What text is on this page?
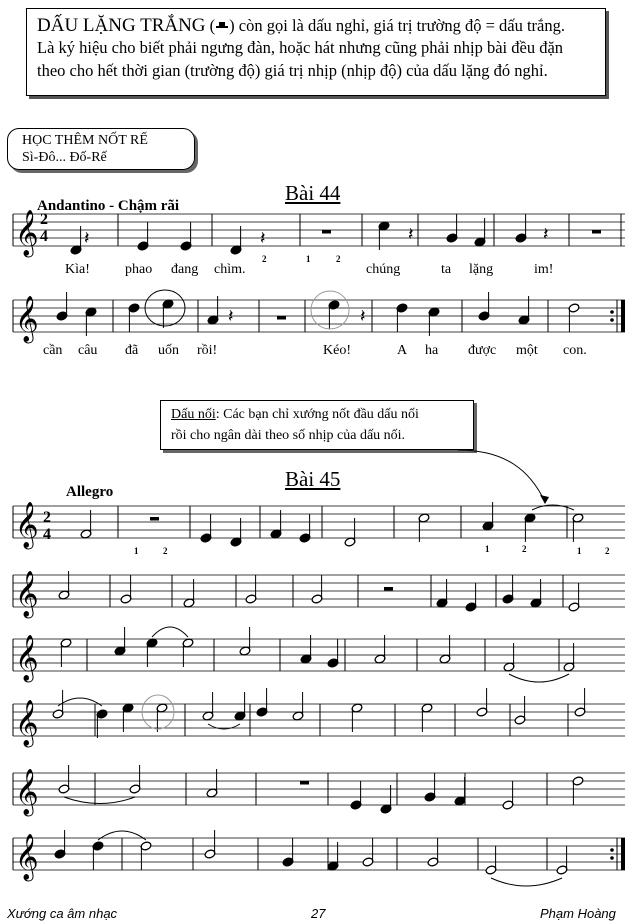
DẤU LẶNG TRẮNG ( ) còn gọi là dấu nghỉ, giá trị trường độ = dấu trắng.
Là ký hiệu cho biết phải ngưng đàn, hoặc hát nhưng cũng phải nhịp bài đều đặn
theo cho hết thời gian (trường độ) giá trị nhịp (nhịp độ) của dấu lặng đó nghỉ.
HỌC THÊM NỐT RẾ
Sì-Đô... Đố-Rế
Bài 44
Andantino - Chậm rãi
Kìa!	phao đang chìm.	chúng	ta lặng	im!
cần câu đã uốn rồi!	Kéo!	A ha được một con.
Dấu nối: Các bạn chỉ xướng nốt đầu dấu nối
rồi cho ngân dài theo số nhịp của dấu nối.
Bài 45
Allegro
𝄞
𝄞
𝄞
𝄞
𝄞
𝄞
𝄞
𝄞
𝄽	𝄽	𝄽	𝄽
𝄽	𝄽
2
4
2
4
2	1	2
1	2	1	2	1	2
Xướng ca âm nhạc	27	Phạm Hoàng
